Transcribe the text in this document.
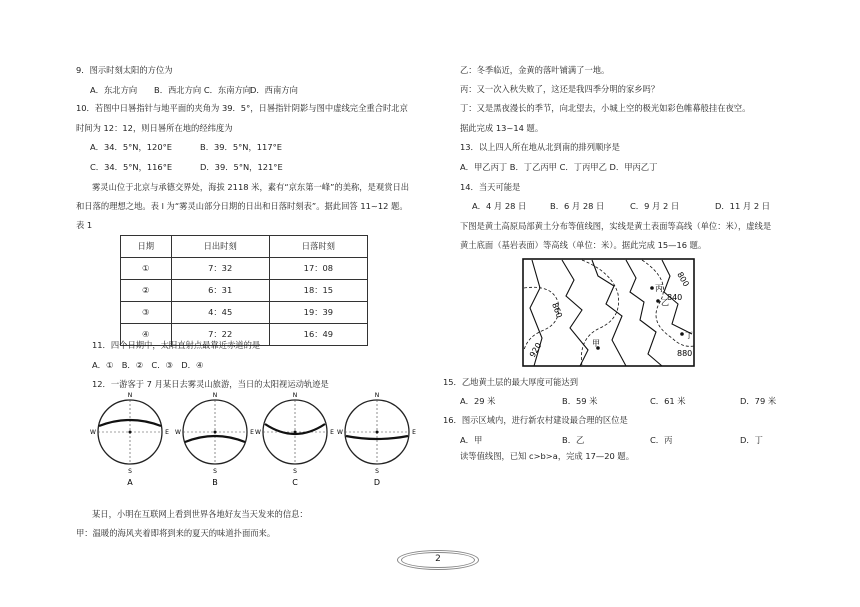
9．图示时刻太阳的方位为
A．东北方向 B．西北方向 C．东南方向
D．西南方向
10．若图中日晷指针与地平面的夹角为 39．5°，日晷指针阴影与图中虚线完全重合时北京
时间为 12：12，则日晷所在地的经纬度为
A．34．5°N，120°E	B．39．5°N，117°E
C．34．5°N，116°E	D．39．5°N，121°E
雾灵山位于北京与承德交界处，海拔 2118 米，素有“京东第一峰”的美称，是观赏日出
和日落的理想之地。表 l 为“雾灵山部分日期的日出和日落时刻表”。据此回答 11~12 题。
表 1
日期	日出时刻	日落时刻
①	7：32	17：08
②	6：31	18：15
③	4：45	19：39
④	7：22	16：49
11．四个日期中，太阳直射点最靠近赤道的是
A．①　B．②　C．③　D．④
12．一游客于 7 月某日去雾灵山旅游，当日的太阳视运动轨迹是
N
S
W	E
A
N
S
W	E
B
N
S
W	E
C
N
S
W	E
D
某日，小明在互联网上看到世界各地好友当天发来的信息：
甲：温暖的海风夹着即将到来的夏天的味道扑面而来。
乙：冬季临近，金黄的落叶铺满了一地。
丙：又一次入秋失败了，这还是我四季分明的家乡吗？
丁：又是黑夜漫长的季节，向北望去，小城上空的极光如彩色帷幕般挂在夜空。
据此完成 13~14 题。
13．以上四人所在地从北到南的排列顺序是
A．甲乙丙丁 B．丁乙丙甲 C．丁丙甲乙 D．甲丙乙丁
14．当天可能是
A．4 月 28 日	B．6 月 28 日	C．9 月 2 日	D．11 月 2 日
下图是黄土高原局部黄土分布等值线图，实线是黄土表面等高线（单位：米），虚线是
黄土底面（基岩表面）等高线（单位：米）。据此完成 15—16 题。
800
840
880
920
860
丙
乙
甲
丁
15．乙地黄土层的最大厚度可能达到
A．29 米	B．59 米	C．61 米	D．79 米
16．图示区域内，进行新农村建设最合理的区位是
A．甲	B．乙	C．丙	D．丁
读等值线图，已知 c>b>a，完成 17—20 题。
2
